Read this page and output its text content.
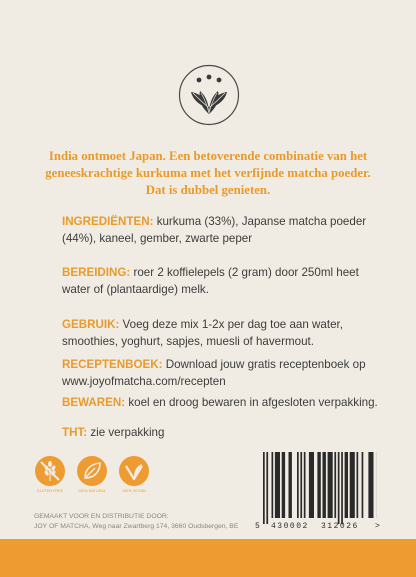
India ontmoet Japan. Een betoverende combinatie van het geneeskrachtige kurkuma met het verfijnde matcha poeder. Dat is dubbel genieten.
INGREDIËNTEN: kurkuma (33%), Japanse matcha poeder (44%), kaneel, gember, zwarte peper
BEREIDING: roer 2 koffielepels (2 gram) door 250ml heet water of (plantaardige) melk.
GEBRUIK: Voeg deze mix 1-2x per dag toe aan water, smoothies, yoghurt, sapjes, muesli of havermout.
RECEPTENBOEK: Download jouw gratis receptenboek op www.joyofmatcha.com/recepten
BEWAREN: koel en droog bewaren in afgesloten verpakking.
THT: zie verpakking
GLUTEN FREE	100% NATURAL	100% VEGAN
GEMAAKT VOOR EN DISTRIBUTIE DOOR:
JOY OF MATCHA, Weg naar Zwartberg 174, 3660 Oudsbergen, BE	5 430002 312026 >
